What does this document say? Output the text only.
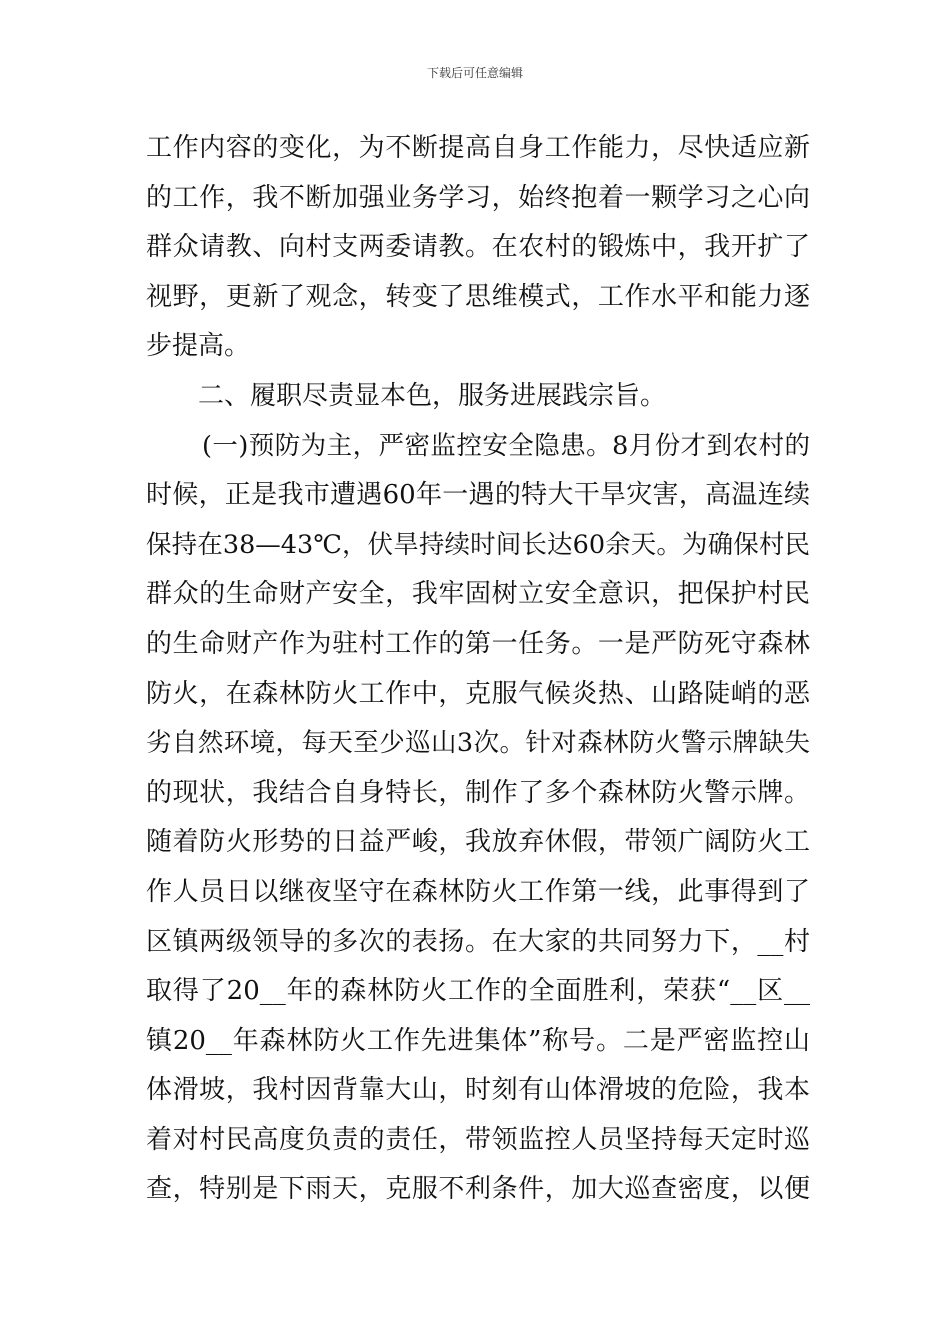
下载后可任意编辑
工作内容的变化，为不断提高自身工作能力，尽快适应新
的工作，我不断加强业务学习，始终抱着一颗学习之心向
群众请教、向村支两委请教。在农村的锻炼中，我开扩了
视野，更新了观念，转变了思维模式，工作水平和能力逐
步提高。
二、履职尽责显本色，服务进展践宗旨。
(一)预防为主，严密监控安全隐患。8月份才到农村的
时候，正是我市遭遇60年一遇的特大干旱灾害，高温连续
保持在38—43℃，伏旱持续时间长达60余天。为确保村民
群众的生命财产安全，我牢固树立安全意识，把保护村民
的生命财产作为驻村工作的第一任务。一是严防死守森林
防火，在森林防火工作中，克服气候炎热、山路陡峭的恶
劣自然环境，每天至少巡山3次。针对森林防火警示牌缺失
的现状，我结合自身特长，制作了多个森林防火警示牌。
随着防火形势的日益严峻，我放弃休假，带领广阔防火工
作人员日以继夜坚守在森林防火工作第一线，此事得到了
区镇两级领导的多次的表扬。在大家的共同努力下，__村
取得了20__年的森林防火工作的全面胜利，荣获“__区__
镇20__年森林防火工作先进集体”称号。二是严密监控山
体滑坡，我村因背靠大山，时刻有山体滑坡的危险，我本
着对村民高度负责的责任，带领监控人员坚持每天定时巡
查，特别是下雨天，克服不利条件，加大巡查密度，以便
